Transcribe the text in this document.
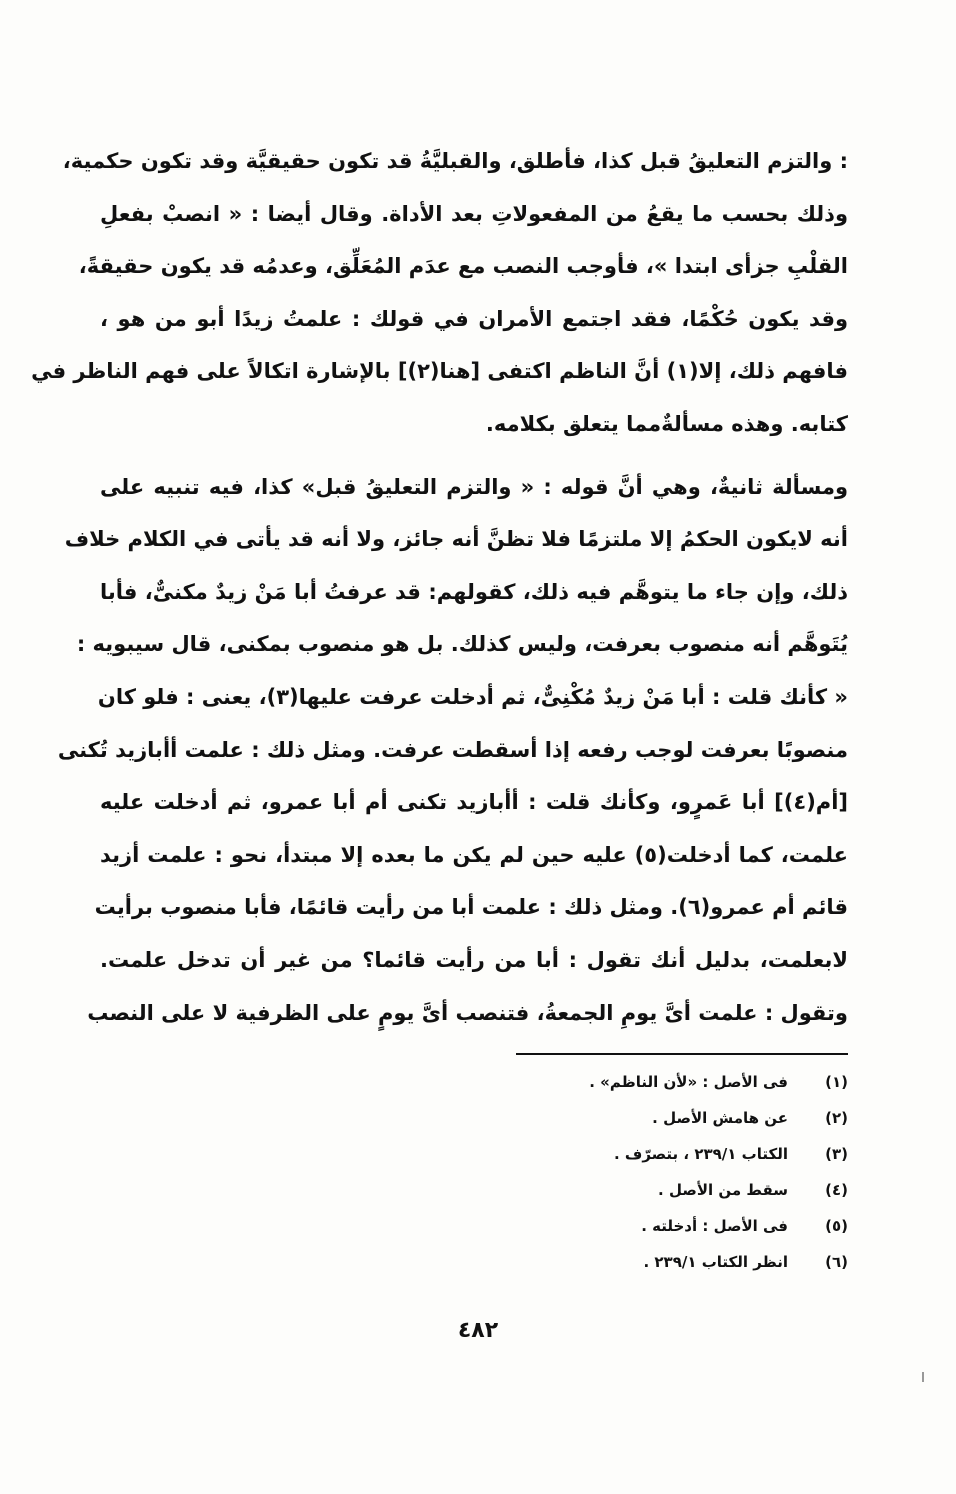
: والتزم التعليقُ قبل كذا، فأطلق، والقبليَّةُ قد تكون حقيقيَّة وقد تكون حكمية،
وذلك بحسب ما يقعُ من المفعولاتِ بعد الأداة. وقال أيضا : « انصبْ بفعلِ
القلْبِ جزأى ابتدا »، فأوجب النصب مع عدَم المُعَلِّق، وعدمُه قد يكون حقيقةً،
وقد يكون حُكْمًا، فقد اجتمع الأمران في قولك : علمتُ زيدًا أبو من هو ،
فافهم ذلك، إلا(١) أنَّ الناظم اكتفى [هنا(٢)] بالإشارة اتكالاً على فهم الناظر في
كتابه. وهذه مسألةٌمما يتعلق بكلامه.
ومسألة ثانيةٌ، وهي أنَّ قوله : « والتزم التعليقُ قبل» كذا، فيه تنبيه على
أنه لايكون الحكمُ إلا ملتزمًا فلا تظنَّ أنه جائز، ولا أنه قد يأتى في الكلام خلاف
ذلك، وإن جاء ما يتوهَّم فيه ذلك، كقولهم: قد عرفتُ أبا مَنْ زيدٌ مكنىٌّ، فأبا
يُتَوهَّم أنه منصوب بعرفت، وليس كذلك. بل هو منصوب بمكنى، قال سيبويه :
« كأنك قلت : أبا مَنْ زيدٌ مُكْنِىٌّ، ثم أدخلت عرفت عليها(٣)، يعنى : فلو كان
منصوبًا بعرفت لوجب رفعه إذا أسقطت عرفت. ومثل ذلك : علمت أأبازيد تُكنى
[أم(٤)] أبا عَمرٍو، وكأنك قلت : أأبازيد تكنى أم أبا عمرو، ثم أدخلت عليه
علمت، كما أدخلت(٥) عليه حين لم يكن ما بعده إلا مبتدأ، نحو : علمت أزيد
قائم أم عمرو(٦). ومثل ذلك : علمت أبا من رأيت قائمًا، فأبا منصوب برأيت
لابعلمت، بدليل أنك تقول : أبا من رأيت قائما؟ من غير أن تدخل علمت.
وتقول : علمت أىَّ يومِ الجمعةُ، فتنصب أىَّ يومٍ على الظرفية لا على النصب
(١)فى الأصل : «لأن الناظم» .
(٢)عن هامش الأصل .
(٣)الكتاب ٢٣٩/١ ، بتصرّف .
(٤)سقط من الأصل .
(٥)فى الأصل : أدخلته .
(٦)انظر الكتاب ٢٣٩/١ .
٤٨٢
